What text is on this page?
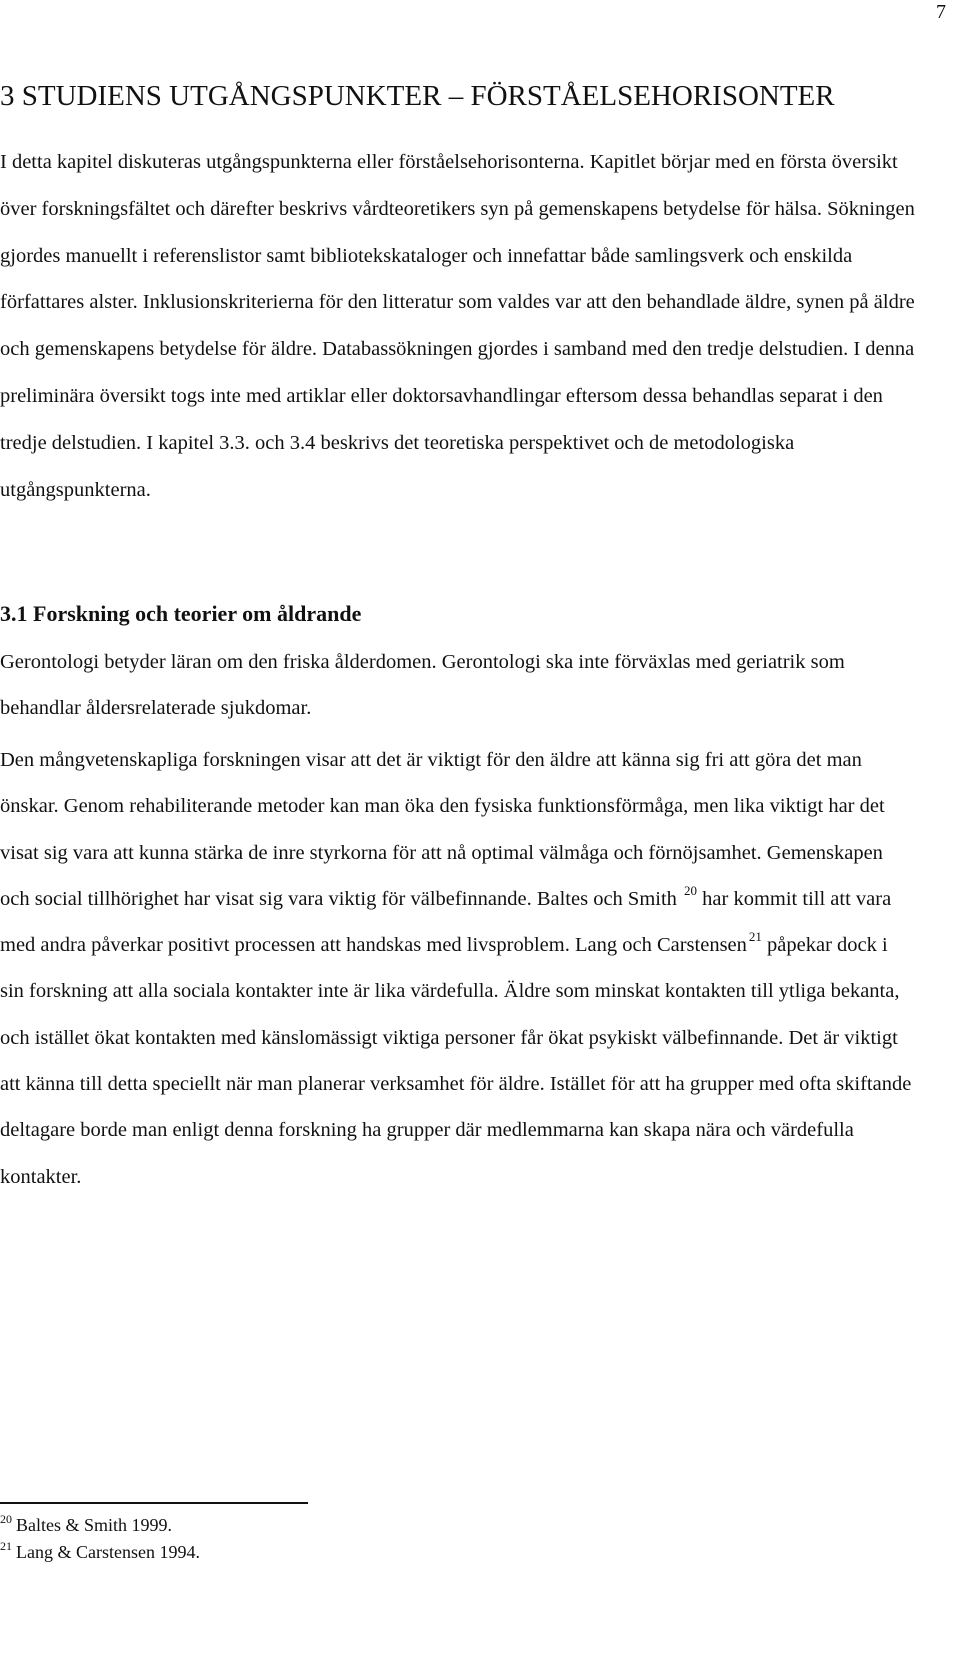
7
3 STUDIENS UTGÅNGSPUNKTER – FÖRSTÅELSEHORISONTER

I detta kapitel diskuteras utgångspunkterna eller förståelsehorisonterna. Kapitlet börjar med en första översikt över forskningsfältet och därefter beskrivs vårdteoretikers syn på gemenskapens betydelse för hälsa. Sökningen gjordes manuellt i referenslistor samt bibliotekskataloger och innefattar både samlingsverk och enskilda författares alster. Inklusionskriterierna för den litteratur som valdes var att den behandlade äldre, synen på äldre och gemenskapens betydelse för äldre. Databassökningen gjordes i samband med den tredje delstudien. I denna preliminära översikt togs inte med artiklar eller doktorsavhandlingar eftersom dessa behandlas separat i den tredje delstudien. I kapitel 3.3. och 3.4 beskrivs det teoretiska perspektivet och de metodologiska utgångspunkterna.

3.1 Forskning och teorier om åldrande

Gerontologi betyder läran om den friska ålderdomen. Gerontologi ska inte förväxlas med geriatrik som behandlar åldersrelaterade sjukdomar.

Den mångvetenskapliga forskningen visar att det är viktigt för den äldre att känna sig fri att göra det man önskar. Genom rehabiliterande metoder kan man öka den fysiska funktionsförmåga, men lika viktigt har det visat sig vara att kunna stärka de inre styrkorna för att nå optimal välmåga och förnöjsamhet. Gemenskapen och social tillhörighet har visat sig vara viktig för välbefinnande. Baltes och Smith $^{20}$ har kommit till att vara med andra påverkar positivt processen att handskas med livsproblem. Lang och Carstensen $^{21}$ påpekar dock i sin forskning att alla sociala kontakter inte är lika värdefulla. Äldre som minskat kontakten till ytliga bekanta, och istället ökat kontakten med känslomässigt viktiga personer får ökat psykiskt välbefinnande. Det är viktigt att känna till detta speciellt när man planerar verksamhet för äldre. Istället för att ha grupper med ofta skiftande deltagare borde man enligt denna forskning ha grupper där medlemmarna kan skapa nära och värdefulla kontakter.

$^{20}$ Baltes & Smith 1999.
$^{21}$ Lang & Carstensen 1994.
